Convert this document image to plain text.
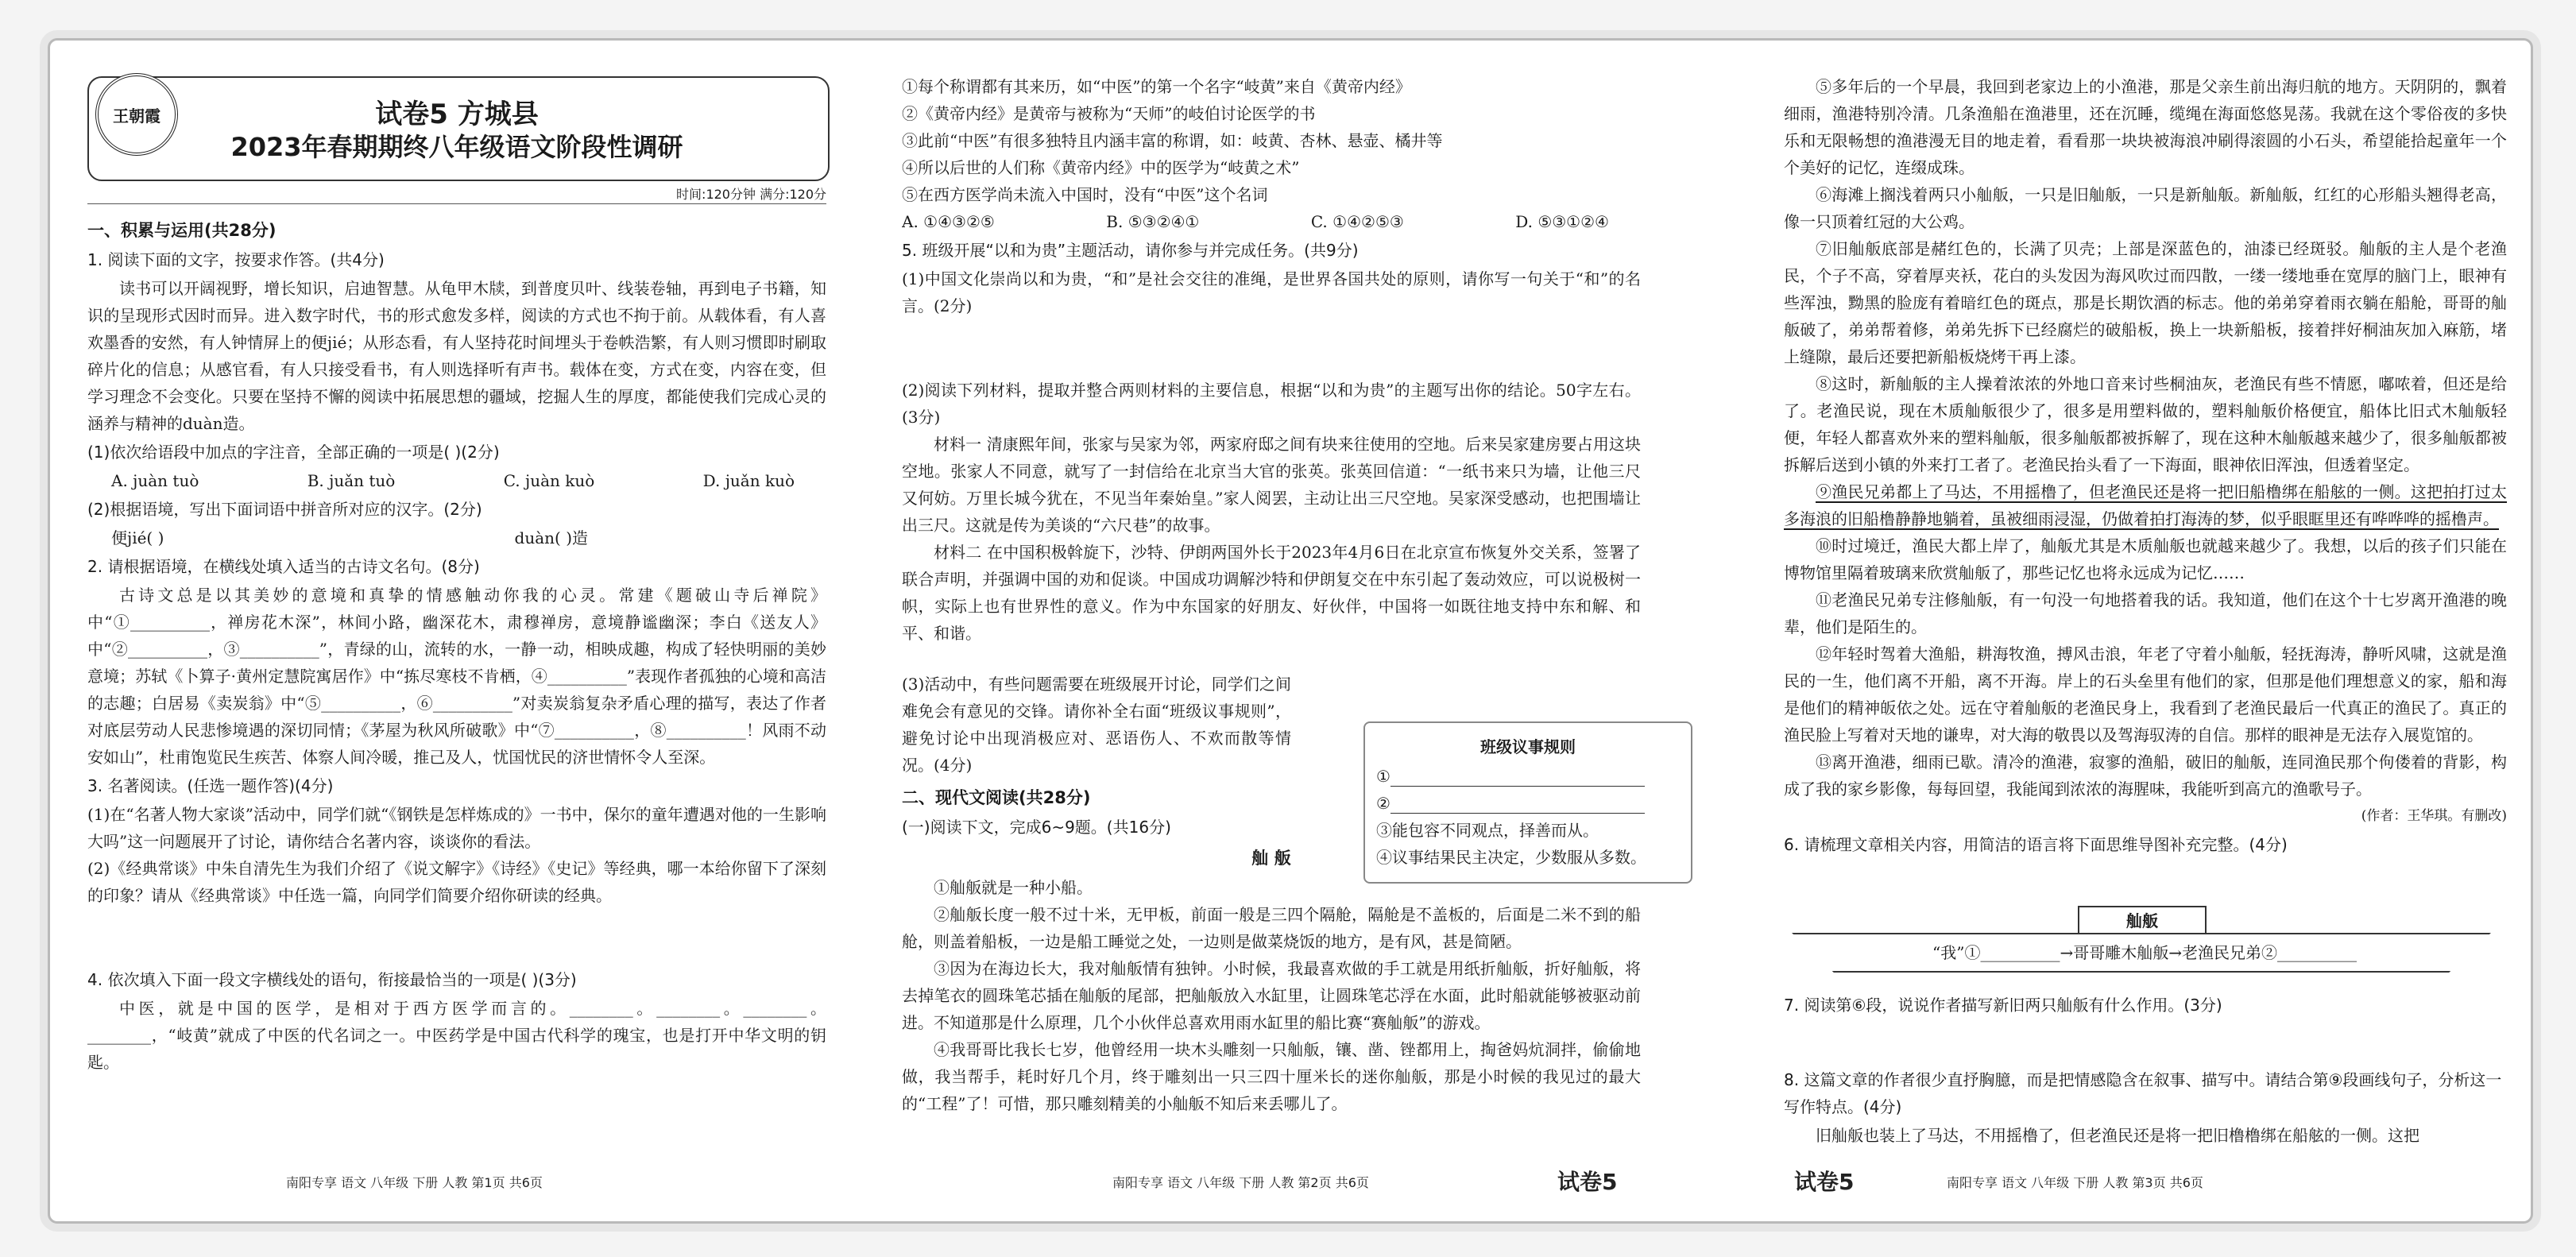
王朝霞	试卷5 方城县
2023年春期期终八年级语文阶段性调研
时间:120分钟 满分:120分

一、积累与运用(共28分)

1. 阅读下面的文字，按要求作答。(共4分)

读书可以开阔视野，增长知识，启迪智慧。从龟甲木牍，到普度贝叶、线装卷轴，再到电子书籍，知识的呈现形式因时而异。进入数字时代，书的形式愈发多样，阅读的方式也不拘于前。从载体看，有人喜欢墨香的安然，有人钟情屏上的便jié；从形态看，有人坚持花时间埋头于卷帙浩繁，有人则习惯即时刷取碎片化的信息；从感官看，有人只接受看书，有人则选择听有声书。载体在变，方式在变，内容在变，但学习理念不会变化。只要在坚持不懈的阅读中拓展思想的疆域，挖掘人生的厚度，都能使我们完成心灵的涵养与精神的duàn造。

(1)依次给语段中加点的字注音，全部正确的一项是( )(2分)

A. juàn tuò	B. juǎn tuò	C. juàn kuò	D. juǎn kuò

(2)根据语境，写出下面词语中拼音所对应的汉字。(2分)

便jié( )	duàn( )造

2. 请根据语境，在横线处填入适当的古诗文名句。(8分)

古诗文总是以其美妙的意境和真挚的情感触动你我的心灵。常建《题破山寺后禅院》中“①__________，禅房花木深”，林间小路，幽深花木，肃穆禅房，意境静谧幽深；李白《送友人》中“②__________，③__________”，青绿的山，流转的水，一静一动，相映成趣，构成了轻快明丽的美妙意境；苏轼《卜算子·黄州定慧院寓居作》中“拣尽寒枝不肯栖，④__________”表现作者孤独的心境和高洁的志趣；白居易《卖炭翁》中“⑤__________，⑥__________”对卖炭翁复杂矛盾心理的描写，表达了作者对底层劳动人民悲惨境遇的深切同情；《茅屋为秋风所破歌》中“⑦__________，⑧__________！风雨不动安如山”，杜甫饱览民生疾苦、体察人间冷暖，推己及人，忧国忧民的济世情怀令人至深。

3. 名著阅读。(任选一题作答)(4分)

(1)在“名著人物大家谈”活动中，同学们就“《钢铁是怎样炼成的》一书中，保尔的童年遭遇对他的一生影响大吗”这一问题展开了讨论，请你结合名著内容，谈谈你的看法。

(2)《经典常谈》中朱自清先生为我们介绍了《说文解字》《诗经》《史记》等经典，哪一本给你留下了深刻的印象？请从《经典常谈》中任选一篇，向同学们简要介绍你研读的经典。

4. 依次填入下面一段文字横线处的语句，衔接最恰当的一项是( )(3分)

中医，就是中国的医学，是相对于西方医学而言的。________。________。________。________，“岐黄”就成了中医的代名词之一。中医药学是中国古代科学的瑰宝，也是打开中华文明的钥匙。

南阳专享 语文 八年级 下册 人教 第1页 共6页

①每个称谓都有其来历，如“中医”的第一个名字“岐黄”来自《黄帝内经》

②《黄帝内经》是黄帝与被称为“天师”的岐伯讨论医学的书

③此前“中医”有很多独特且内涵丰富的称谓，如：岐黄、杏林、悬壶、橘井等

④所以后世的人们称《黄帝内经》中的医学为“岐黄之术”

⑤在西方医学尚未流入中国时，没有“中医”这个名词

A. ①④③②⑤	B. ⑤③②④①	C. ①④②⑤③	D. ⑤③①②④

5. 班级开展“以和为贵”主题活动，请你参与并完成任务。(共9分)

(1)中国文化崇尚以和为贵，“和”是社会交往的准绳，是世界各国共处的原则，请你写一句关于“和”的名言。(2分)

(2)阅读下列材料，提取并整合两则材料的主要信息，根据“以和为贵”的主题写出你的结论。50字左右。(3分)

材料一 清康熙年间，张家与吴家为邻，两家府邸之间有块来往使用的空地。后来吴家建房要占用这块空地。张家人不同意，就写了一封信给在北京当大官的张英。张英回信道：“一纸书来只为墙，让他三尺又何妨。万里长城今犹在，不见当年秦始皇。”家人阅罢，主动让出三尺空地。吴家深受感动，也把围墙让出三尺。这就是传为美谈的“六尺巷”的故事。

材料二 在中国积极斡旋下，沙特、伊朗两国外长于2023年4月6日在北京宣布恢复外交关系，签署了联合声明，并强调中国的劝和促谈。中国成功调解沙特和伊朗复交在中东引起了轰动效应，可以说极树一帜，实际上也有世界性的意义。作为中东国家的好朋友、好伙伴，中国将一如既往地支持中东和解、和平、和谐。

(3)活动中，有些问题需要在班级展开讨论，同学们之间难免会有意见的交锋。请你补全右面“班级议事规则”，避免讨论中出现消极应对、恶语伤人、不欢而散等情况。(4分)

二、现代文阅读(共28分)

(一)阅读下文，完成6~9题。(共16分)

舢 舨

①舢舨就是一种小船。

②舢舨长度一般不过十米，无甲板，前面一般是三四个隔舱，隔舱是不盖板的，后面是二米不到的船舱，则盖着船板，一边是船工睡觉之处，一边则是做菜烧饭的地方，是有风，甚是简陋。

③因为在海边长大，我对舢舨情有独钟。小时候，我最喜欢做的手工就是用纸折舢舨，折好舢舨，将去掉笔衣的圆珠笔芯插在舢舨的尾部，把舢舨放入水缸里，让圆珠笔芯浮在水面，此时船就能够被驱动前进。不知道那是什么原理，几个小伙伴总喜欢用雨水缸里的船比赛“赛舢舨”的游戏。

④我哥哥比我长七岁，他曾经用一块木头雕刻一只舢舨，镶、凿、锉都用上，掏爸妈炕洞拌，偷偷地做，我当帮手，耗时好几个月，终于雕刻出一只三四十厘米长的迷你舢舨，那是小时候的我见过的最大的“工程”了！可惜，那只雕刻精美的小舢舨不知后来丢哪儿了。

班级议事规则

①

②

③能包容不同观点，择善而从。

④议事结果民主决定，少数服从多数。

南阳专享 语文 八年级 下册 人教 第2页 共6页	试卷5

⑤多年后的一个早晨，我回到老家边上的小渔港，那是父亲生前出海归航的地方。天阴阴的，飘着细雨，渔港特别冷清。几条渔船在渔港里，还在沉睡，缆绳在海面悠悠晃荡。我就在这个零俗夜的多快乐和无限畅想的渔港漫无目的地走着，看看那一块块被海浪冲刷得滚圆的小石头，希望能拾起童年一个个美好的记忆，连缀成珠。

⑥海滩上搁浅着两只小舢舨，一只是旧舢舨，一只是新舢舨。新舢舨，红红的心形船头翘得老高，像一只顶着红冠的大公鸡。

⑦旧舢舨底部是赭红色的，长满了贝壳；上部是深蓝色的，油漆已经斑驳。舢舨的主人是个老渔民，个子不高，穿着厚夹袄，花白的头发因为海风吹过而四散，一缕一缕地垂在宽厚的脑门上，眼神有些浑浊，黝黑的脸庞有着暗红色的斑点，那是长期饮酒的标志。他的弟弟穿着雨衣躺在船舱，哥哥的舢舨破了，弟弟帮着修，弟弟先拆下已经腐烂的破船板，换上一块新船板，接着拌好桐油灰加入麻筋，堵上缝隙，最后还要把新船板烧烤干再上漆。

⑧这时，新舢舨的主人操着浓浓的外地口音来讨些桐油灰，老渔民有些不情愿，嘟哝着，但还是给了。老渔民说，现在木质舢舨很少了，很多是用塑料做的，塑料舢舨价格便宜，船体比旧式木舢舨轻便，年轻人都喜欢外来的塑料舢舨，很多舢舨都被拆解了，现在这种木舢舨越来越少了，很多舢舨都被拆解后送到小镇的外来打工者了。老渔民抬头看了一下海面，眼神依旧浑浊，但透着坚定。

⑨渔民兄弟都上了马达，不用摇橹了，但老渔民还是将一把旧船橹绑在船舷的一侧。这把拍打过太多海浪的旧船橹静静地躺着，虽被细雨浸湿，仍做着拍打海涛的梦，似乎眼眶里还有哗哗哗的摇橹声。

⑩时过境迁，渔民大都上岸了，舢舨尤其是木质舢舨也就越来越少了。我想，以后的孩子们只能在博物馆里隔着玻璃来欣赏舢舨了，那些记忆也将永远成为记忆……

⑪老渔民兄弟专注修舢舨，有一句没一句地搭着我的话。我知道，他们在这个十七岁离开渔港的晚辈，他们是陌生的。

⑫年轻时驾着大渔船，耕海牧渔，搏风击浪，年老了守着小舢舨，轻抚海涛，静听风啸，这就是渔民的一生，他们离不开船，离不开海。岸上的石头垒里有他们的家，但那是他们理想意义的家，船和海是他们的精神皈依之处。远在守着舢舨的老渔民身上，我看到了老渔民最后一代真正的渔民了。真正的渔民脸上写着对天地的谦卑，对大海的敬畏以及驾海驭涛的自信。那样的眼神是无法存入展览馆的。

⑬离开渔港，细雨已歇。清冷的渔港，寂寥的渔船，破旧的舢舨，连同渔民那个佝偻着的背影，构成了我的家乡影像，每每回望，我能闻到浓浓的海腥味，我能听到高亢的渔歌号子。

(作者：王华琪。有删改)

6. 请梳理文章相关内容，用简洁的语言将下面思维导图补充完整。(4分)

舢舨
“我”①__________→哥哥雕木舢舨→老渔民兄弟②__________

7. 阅读第⑥段，说说作者描写新旧两只舢舨有什么作用。(3分)

8. 这篇文章的作者很少直抒胸臆，而是把情感隐含在叙事、描写中。请结合第⑨段画线句子，分析这一写作特点。(4分)

旧舢舨也装上了马达，不用摇橹了，但老渔民还是将一把旧橹橹绑在船舷的一侧。这把

试卷5	南阳专享 语文 八年级 下册 人教 第3页 共6页
